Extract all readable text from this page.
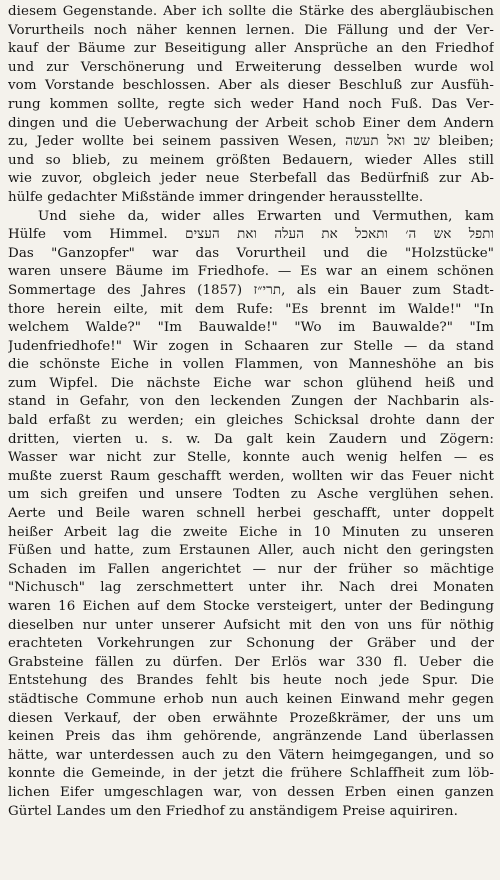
diesem Gegenstande. Aber ich sollte die Stärke des abergläubischen
Vorurtheils noch näher kennen lernen. Die Fällung und der Ver-
kauf der Bäume zur Beseitigung aller Ansprüche an den Friedhof
und zur Verschönerung und Erweiterung desselben wurde wol
vom Vorstande beschlossen. Aber als dieser Beschluß zur Ausfüh-
rung kommen sollte, regte sich weder Hand noch Fuß. Das Ver-
dingen und die Ueberwachung der Arbeit schob Einer dem Andern
zu, Jeder wollte bei seinem passiven Wesen, שב ואל תעשה bleiben;
und so blieb, zu meinem größten Bedauern, wieder Alles still
wie zuvor, obgleich jeder neue Sterbefall das Bedürfniß zur Ab-
hülfe gedachter Mißstände immer dringender herausstellte.
Und siehe da, wider alles Erwarten und Vermuthen, kam
Hülfe vom Himmel. ותפל אש ה׳ ותאכל את העלה ואת העצים
Das "Ganzopfer" war das Vorurtheil und die "Holzstücke"
waren unsere Bäume im Friedhofe. — Es war an einem schönen
Sommertage des Jahres תרי״ז (1857), als ein Bauer zum Stadt-
thore herein eilte, mit dem Rufe: "Es brennt im Walde!" "In
welchem Walde?" "Im Bauwalde!" "Wo im Bauwalde?" "Im
Judenfriedhofe!" Wir zogen in Schaaren zur Stelle — da stand
die schönste Eiche in vollen Flammen, von Manneshöhe an bis
zum Wipfel. Die nächste Eiche war schon glühend heiß und
stand in Gefahr, von den leckenden Zungen der Nachbarin als-
bald erfaßt zu werden; ein gleiches Schicksal drohte dann der
dritten, vierten u. s. w. Da galt kein Zaudern und Zögern:
Wasser war nicht zur Stelle, konnte auch wenig helfen — es
mußte zuerst Raum geschafft werden, wollten wir das Feuer nicht
um sich greifen und unsere Todten zu Asche verglühen sehen.
Aerte und Beile waren schnell herbei geschafft, unter doppelt
heißer Arbeit lag die zweite Eiche in 10 Minuten zu unseren
Füßen und hatte, zum Erstaunen Aller, auch nicht den geringsten
Schaden im Fallen angerichtet — nur der früher so mächtige
"Nichusch" lag zerschmettert unter ihr. Nach drei Monaten
waren 16 Eichen auf dem Stocke versteigert, unter der Bedingung
dieselben nur unter unserer Aufsicht mit den von uns für nöthig
erachteten Vorkehrungen zur Schonung der Gräber und der
Grabsteine fällen zu dürfen. Der Erlös war 330 fl. Ueber die
Entstehung des Brandes fehlt bis heute noch jede Spur. Die
städtische Commune erhob nun auch keinen Einwand mehr gegen
diesen Verkauf, der oben erwähnte Prozeßkrämer, der uns um
keinen Preis das ihm gehörende, angränzende Land überlassen
hätte, war unterdessen auch zu den Vätern heimgegangen, und so
konnte die Gemeinde, in der jetzt die frühere Schlaffheit zum löb-
lichen Eifer umgeschlagen war, von dessen Erben einen ganzen
Gürtel Landes um den Friedhof zu anständigem Preise aquiriren.
